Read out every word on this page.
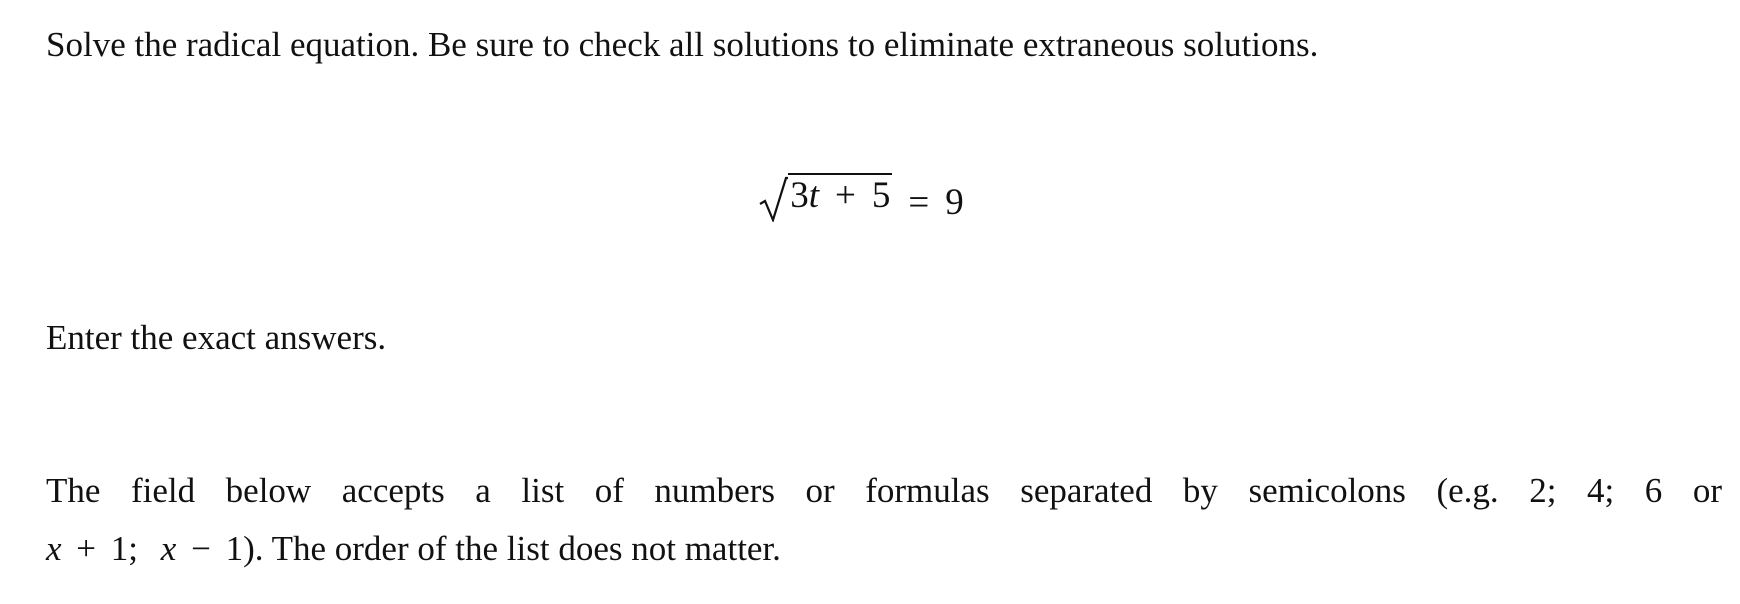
Solve the radical equation. Be sure to check all solutions to eliminate extraneous solutions.
3t + 5 = 9
Enter the exact answers.
The field below accepts a list of numbers or formulas separated by semicolons (e.g. 2; 4; 6 or
x + 1; x − 1). The order of the list does not matter.
